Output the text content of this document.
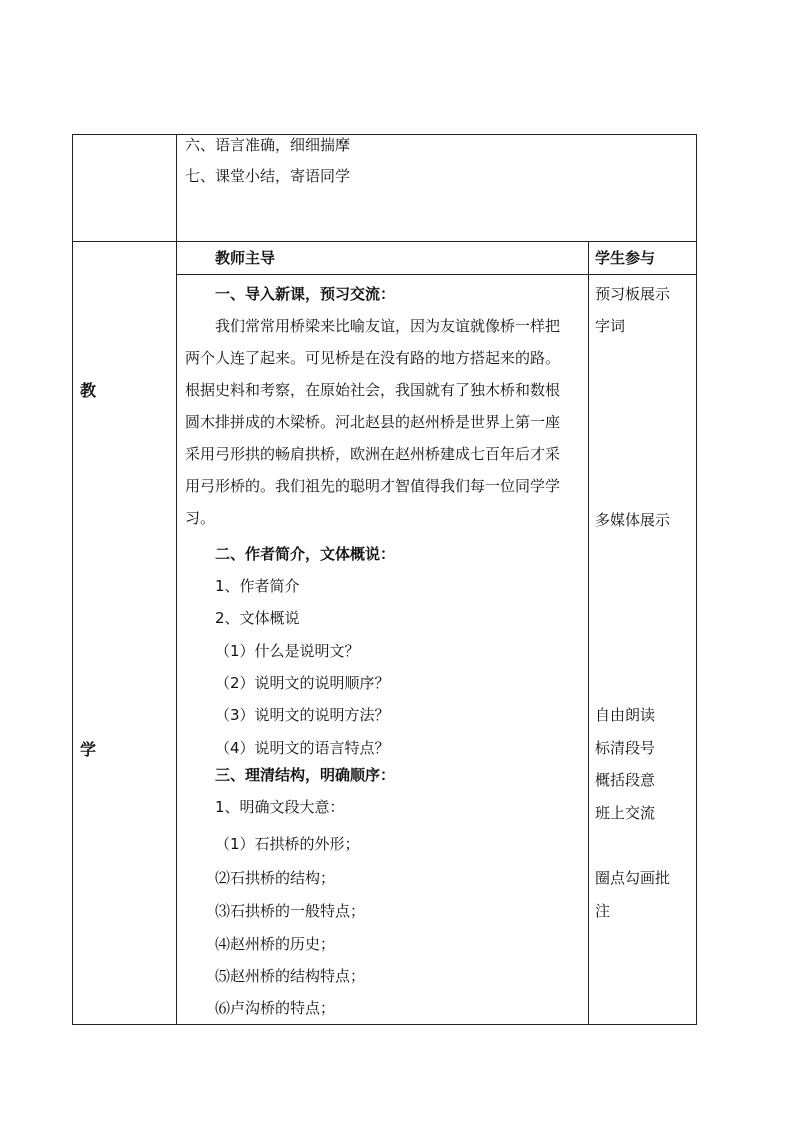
六、语言准确，细细揣摩
七、课堂小结，寄语同学
教
学
教师主导	学生参与
一、导入新课，预习交流：
我们常常用桥梁来比喻友谊，因为友谊就像桥一样把
两个人连了起来。可见桥是在没有路的地方搭起来的路。
根据史料和考察，在原始社会，我国就有了独木桥和数根
圆木排拼成的木梁桥。河北赵县的赵州桥是世界上第一座
采用弓形拱的畅肩拱桥，欧洲在赵州桥建成七百年后才采
用弓形桥的。我们祖先的聪明才智值得我们每一位同学学
习。
二、作者简介，文体概说：
1、作者简介
2、文体概说
（1）什么是说明文？
（2）说明文的说明顺序？
（3）说明文的说明方法？
（4）说明文的语言特点？
三、理清结构，明确顺序：
1、明确文段大意：
（1）石拱桥的外形；
⑵石拱桥的结构；
⑶石拱桥的一般特点；
⑷赵州桥的历史；
⑸赵州桥的结构特点；
⑹卢沟桥的特点；
预习板展示
字词
多媒体展示
自由朗读
标清段号
概括段意
班上交流
圈点勾画批
注
